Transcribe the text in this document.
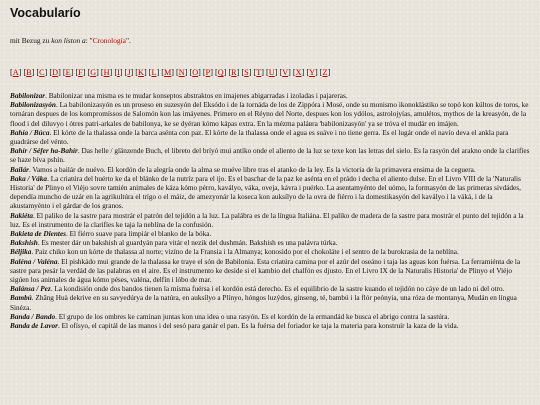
Vocabularío
mit Bezug zu kon liston a: "Cronología".
[A] [B] [C] [D] [E] [F] [G] [H] [I] [J] [K] [L] [M] [N] [O] [P] [Q] [R] [S] [T] [U] [V] [X] [Y] [Z]

Babilonizar. Babilonizar una misma es te mudar konseptos abstraktos en imajenes abigarradas i izoladas i pajareras.

Babilonizasyón. La babilonizasyón es un proseso en suzesyón del Eksódo i de la tornáda de los de Zippóra i Mosé, onde su monismo ikonoklástiko se topó kon kúltos de toros, ke tornáran despues de los kompromíssos de Salomón kon las imáyenes. Primero en el Réyno del Norte, despues kon los ydólos, astrolojyías, amulétos, mythos de la kreasyón, de la flood i del diluvyo i ótres patri-arkales de babilonya, ke se dyéran kómo kápas extra. En la mézma paláвra 'babilonizasyón' ya se tróva el mudár en imájen.

Bahía / Búca. El kórte de la thalassa onde la barca asénta con paz. El kórte de la thalassa onde el agua es suáve i no tiene gerra. Es el lugár onde el navío deva el ankla para guadrárse del vénto.

Bahír / Séfer ha-Bahír. Das helle / glänzende Buch, el libreto del bríyó mui antíko onde el aliento de la luz se texe kon las letras del sielo. Es la rasyón del arakno onde la clarifíes se haze bíva pshín.

Bailár. Vamos a bailár de nuévo. El kordón de la alegría onde la alma se muéve libre tras el atanko de la ley. Es la victoria de la primavera ensima de la ceguera.

Baka / Váka. La criatúra del huérto ke da el blánko de la nutríz para el ijo. Es el baschar de la paz ke asénta en el prádo i decha el aliento dulse. En el Livro VIII de la 'Naturalis Historia' de Plinyo el Viéjo sovre tamién animales de káza kómo pérro, kavályo, váka, oveja, kávra i puérko. La asentamyénto del uómo, la formasyón de las primeras sivdádes, dependía muncho de uzár en la agrikultúra el trígo o el máiz, de amezyonár la koseca kon auksílyo de la ovra de fiérro i la domestikasyón del kavályo i la váká, i de la akustamyénto i el gárdar de los granos.

Bakiéta. El paliko de la sastre para mostrár el patrón del tejidón a la luz. La palábra es de la língua Italiána. El paliko de madera de la sastre para mostrár el punto del tejidón a la luz. Es el instrumento de la clarifíes ke taja la neblína de la confusión.

Bakieta de Dientes. El fiérro suave para limpiár el blanko de la bóka.

Bakshish. Es mester dár un bakshish al guardyán para vitár el nezik del dushmán. Bakshish es una palávra túrka.

Béljika. Paiz chiko kon un kórte de thalassa al norte; vizíno de la Fransia i la Almanya; konosido por el chokoláte i el sentro de la burokrasia de la neblína.

Baléna / Valéna. El pishkádo mui grande de la thalassa ke traye el són de Babilonia. Esta criatúra camina por el azúr del oseáno i taja las aguas kon fuérsa. La ferramiénta de la sastre para pesár la verdád de las palabras en el aire. Es el instrumento ke deside si el kambio del chalfón es djusto. En el Livro IX de la Naturalis Historia' de Plinyo el Viéjo sigúen los animales de água kómo péses, valéna, delfín i lóbo de mar.

Balánsa / Pez. La kondisión onde dos bandos tienen la mísma fuérsa i el kordón está derecho. Es el equilibrio de la sastre kuando el tejidón no cáye de un lado ni del otro.

Bambú. Zhāng Huà dekrive en su savyedúrya de la natúra, en auksílyo a Plínyo, hóngos luzýdos, ginseng, té, bambú i la flór peónyia, una róza de montanya, Mudán en língua Sinéza.

Banda / Bando. El grupo de los ombres ke caminan juntas kon una idea o una rasyón. Es el kordón de la ermandád ke busca el abrigo contra la sastúra.

Banda de Lavor. El ofísyo, el capitál de las manos i del sesó para ganár el pan. Es la fuérsa del foriador ke taja la materia para konstruír la kaza de la vida.
